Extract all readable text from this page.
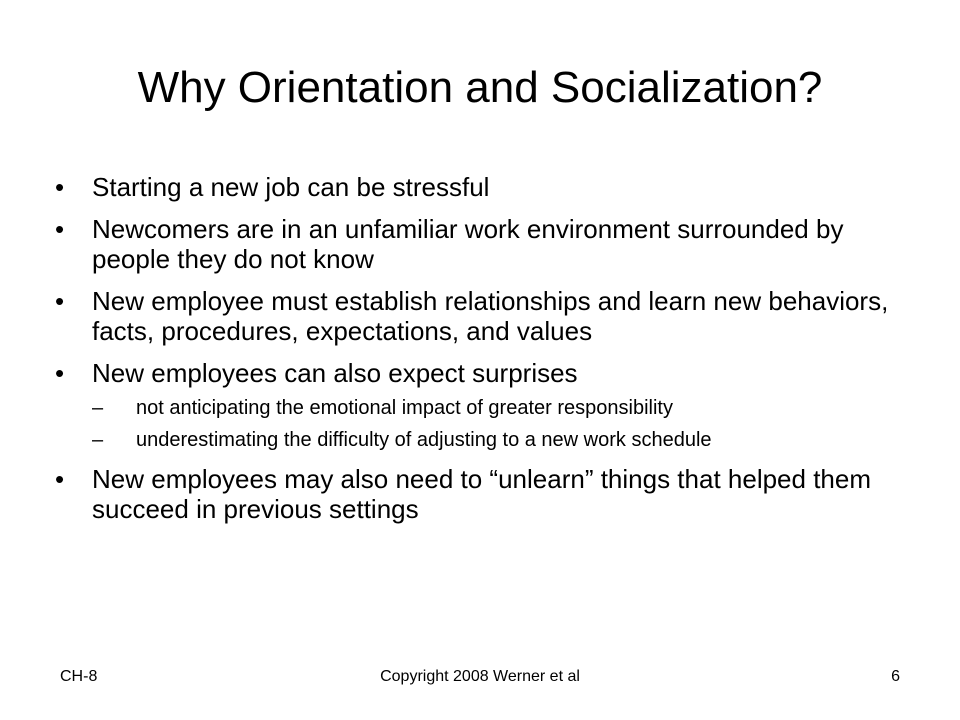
Why Orientation and Socialization?
• Starting a new job can be stressful
• Newcomers are in an unfamiliar work environment surrounded by people they do not know
• New employee must establish relationships and learn new behaviors, facts, procedures, expectations, and values
• New employees can also expect surprises
– not anticipating the emotional impact of greater responsibility
– underestimating the difficulty of adjusting to a new work schedule
• New employees may also need to “unlearn” things that helped them succeed in previous settings
CH-8	Copyright 2008 Werner et al	6
